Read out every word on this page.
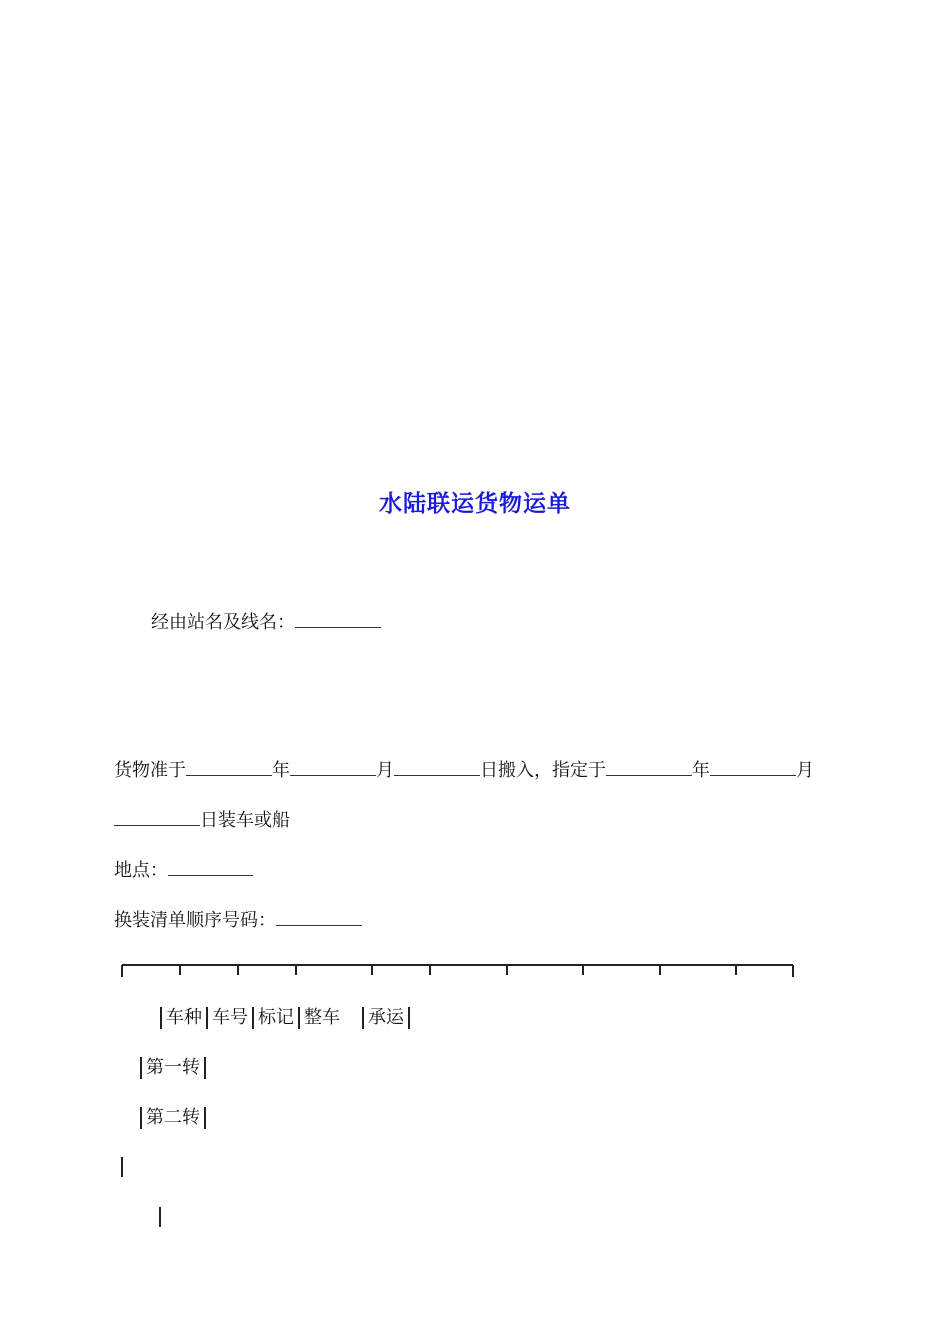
水陆联运货物运单
经由站名及线名：
货物准于	年	月	日搬入，指定于	年	月
日装车或船
地点：
换装清单顺序号码：
车种 车号 标记 整车 承运
第一转
第二转
